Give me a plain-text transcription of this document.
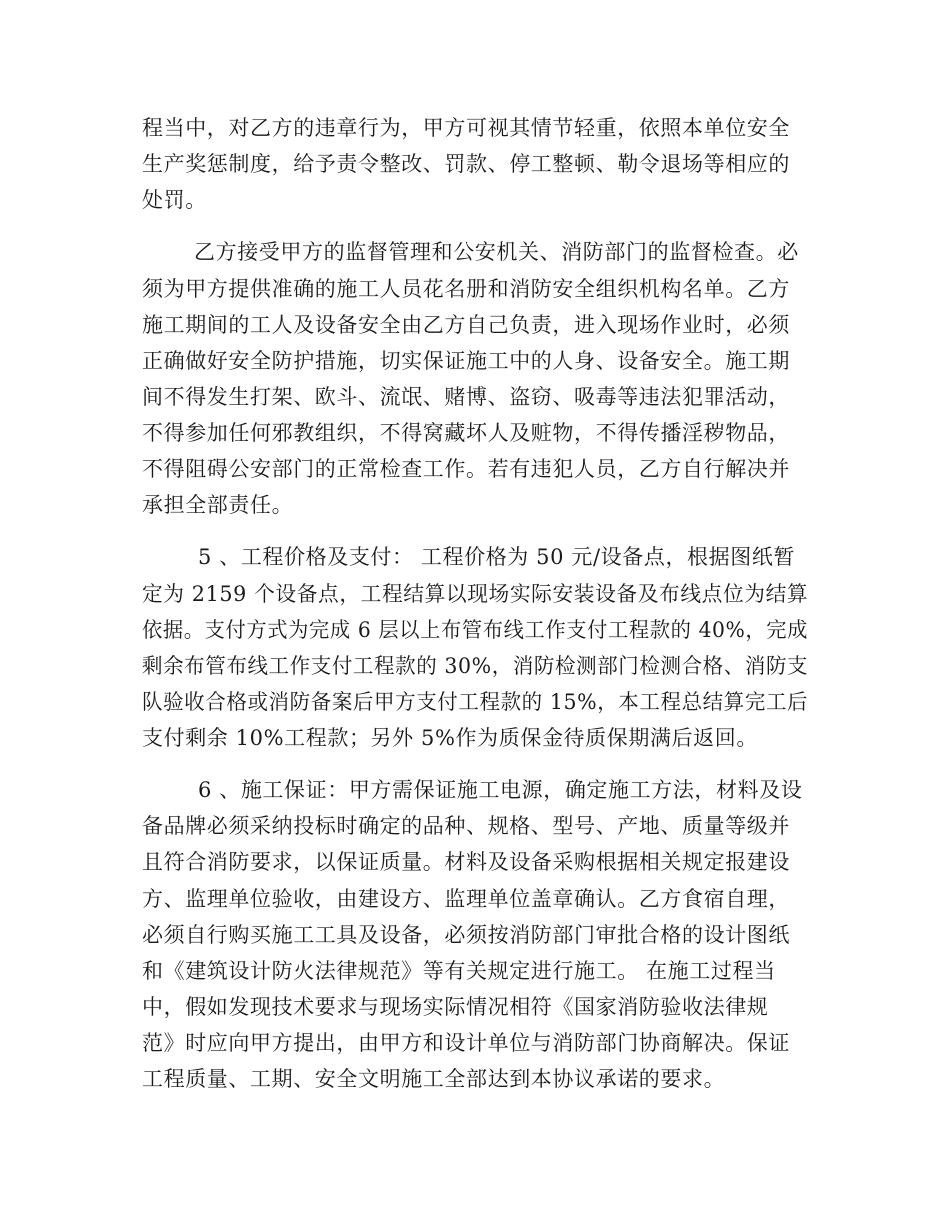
程当中，对乙方的违章行为，甲方可视其情节轻重，依照本单位安全
生产奖惩制度，给予责令整改、罚款、停工整顿、勒令退场等相应的
处罚。
乙方接受甲方的监督管理和公安机关、消防部门的监督检查。必
须为甲方提供准确的施工人员花名册和消防安全组织机构名单。乙方
施工期间的工人及设备安全由乙方自己负责，进入现场作业时，必须
正确做好安全防护措施，切实保证施工中的人身、设备安全。施工期
间不得发生打架、欧斗、流氓、赌博、盗窃、吸毒等违法犯罪活动，
不得参加任何邪教组织，不得窝藏坏人及赃物，不得传播淫秽物品，
不得阻碍公安部门的正常检查工作。若有违犯人员，乙方自行解决并
承担全部责任。
5 、工程价格及支付： 工程价格为 50 元/设备点，根据图纸暂
定为 2159 个设备点，工程结算以现场实际安装设备及布线点位为结算
依据。支付方式为完成 6 层以上布管布线工作支付工程款的 40%，完成
剩余布管布线工作支付工程款的 30%，消防检测部门检测合格、消防支
队验收合格或消防备案后甲方支付工程款的 15%，本工程总结算完工后
支付剩余 10%工程款；另外 5%作为质保金待质保期满后返回。
6 、施工保证：甲方需保证施工电源，确定施工方法，材料及设
备品牌必须采纳投标时确定的品种、规格、型号、产地、质量等级并
且符合消防要求，以保证质量。材料及设备采购根据相关规定报建设
方、监理单位验收，由建设方、监理单位盖章确认。乙方食宿自理，
必须自行购买施工工具及设备，必须按消防部门审批合格的设计图纸
和《建筑设计防火法律规范》等有关规定进行施工。 在施工过程当
中，假如发现技术要求与现场实际情况相符《国家消防验收法律规
范》时应向甲方提出，由甲方和设计单位与消防部门协商解决。保证
工程质量、工期、安全文明施工全部达到本协议承诺的要求。
